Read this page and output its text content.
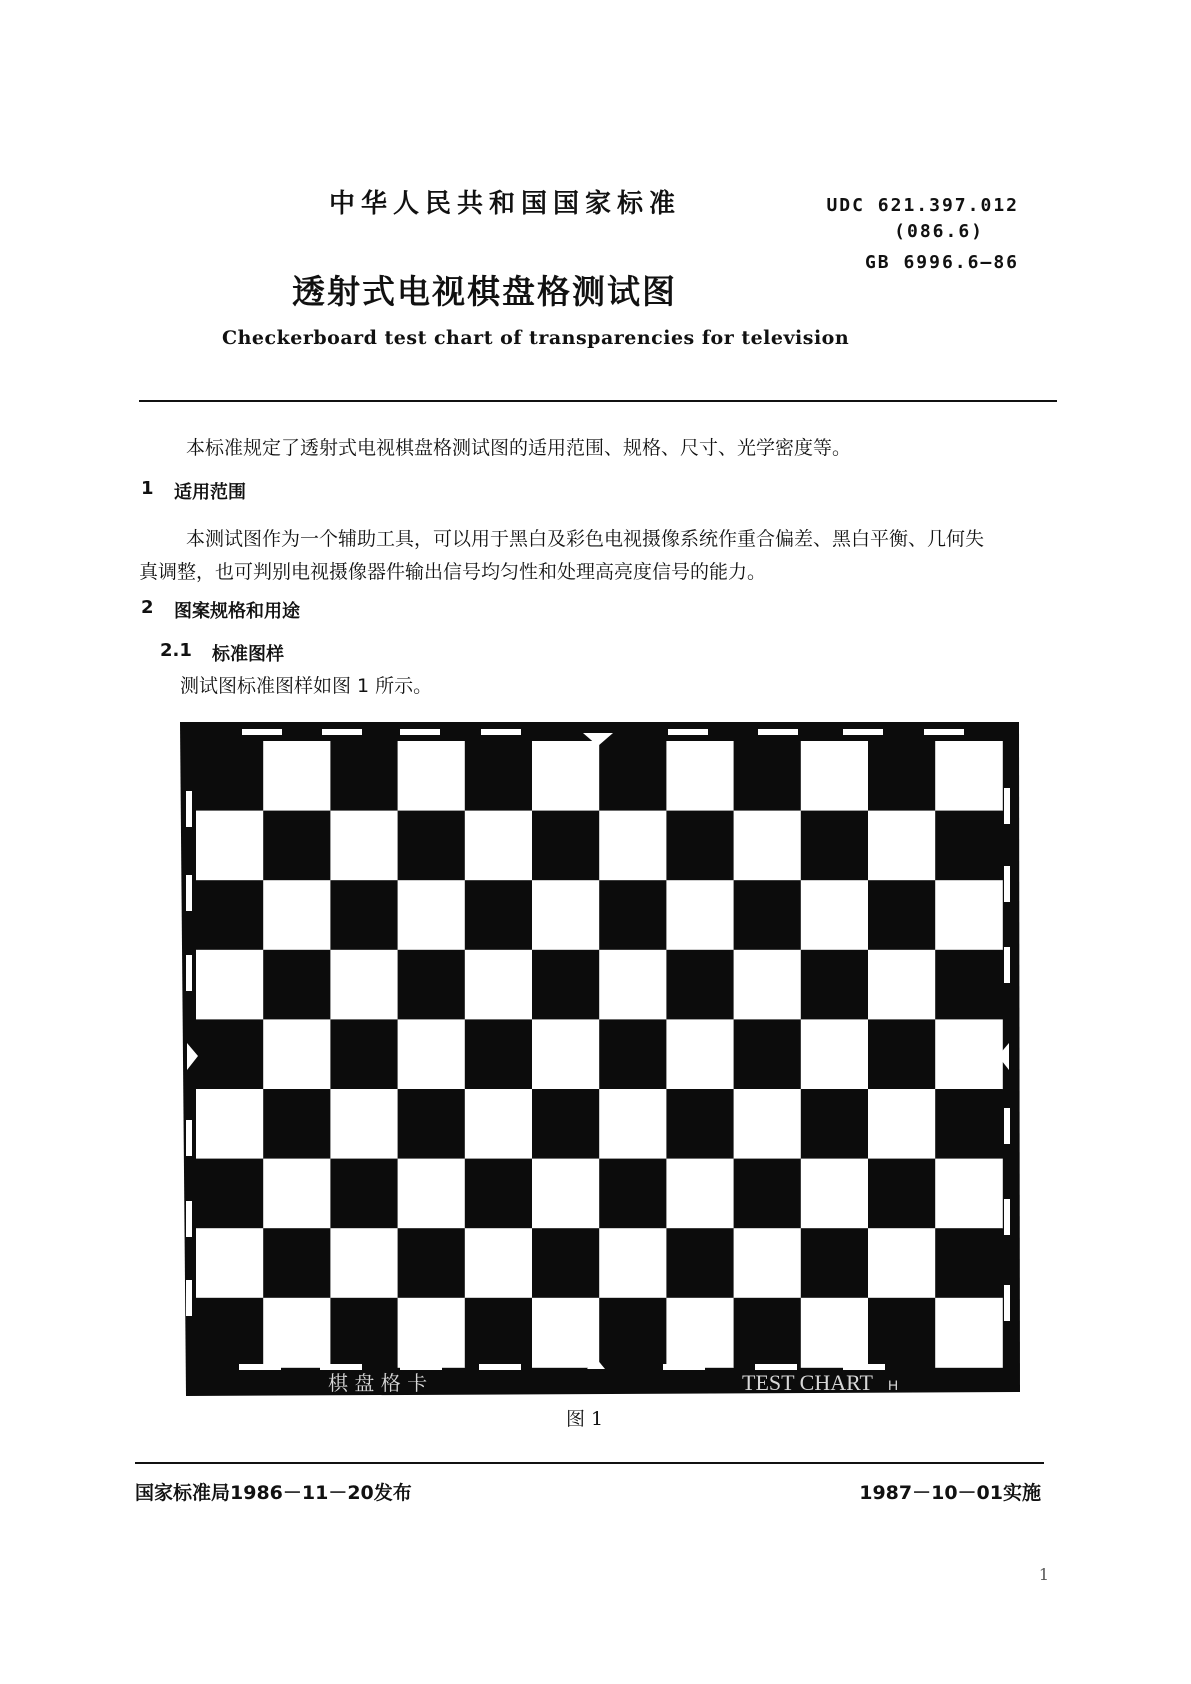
中华人民共和国国家标准
透射式电视棋盘格测试图
Checkerboard test chart of transparencies for television
UDC 621.397.012
(086.6)
GB 6996.6—86
本标准规定了透射式电视棋盘格测试图的适用范围、规格、尺寸、光学密度等。
1 适用范围
本测试图作为一个辅助工具，可以用于黑白及彩色电视摄像系统作重合偏差、黑白平衡、几何失
真调整，也可判别电视摄像器件输出信号均匀性和处理高亮度信号的能力。
2 图案规格和用途
2.1 标准图样
测试图标准图样如图 1 所示。
棋 盘 格 卡	TEST CHART H
图 1
国家标准局1986－11－20发布	1987－10－01实施
1
